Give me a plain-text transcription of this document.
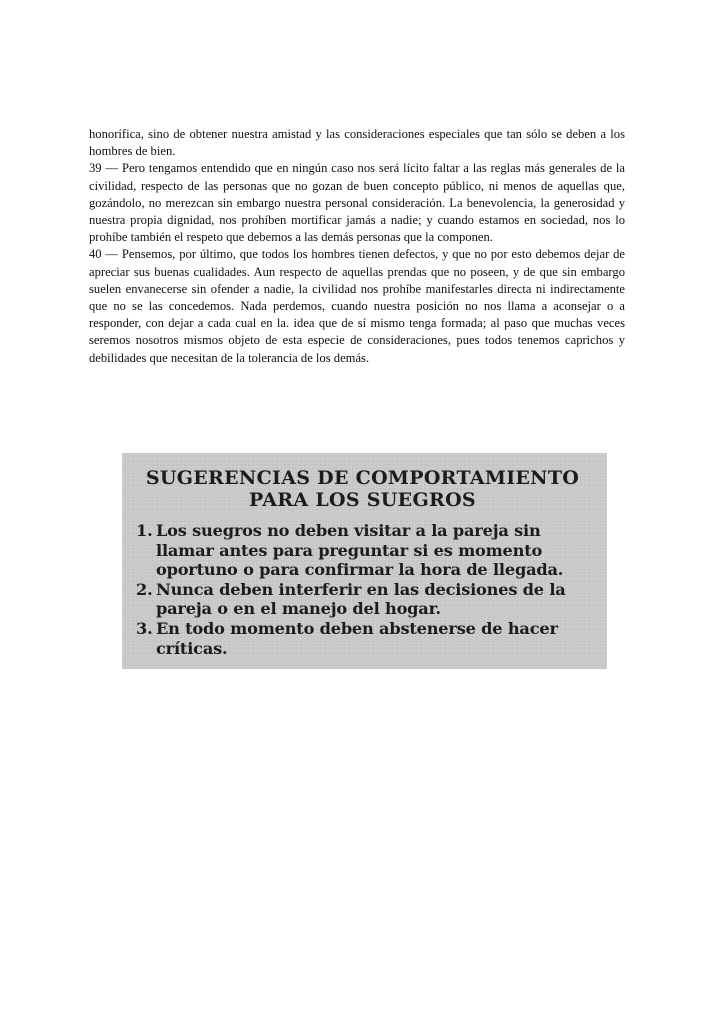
honorífica, sino de obtener nuestra amistad y las consideraciones especiales que tan sólo se deben a los hombres de bien.

39 — Pero tengamos entendido que en ningún caso nos será lícito faltar a las reglas más generales de la civilidad, respecto de las personas que no gozan de buen concepto público, ni menos de aquellas que, gozándolo, no merezcan sin embargo nuestra personal consideración. La benevolencia, la generosidad y nuestra propia dignidad, nos prohíben mortificar jamás a nadie; y cuando estamos en sociedad, nos lo prohíbe también el respeto que debemos a las demás personas que la componen.

40 — Pensemos, por último, que todos los hombres tienen defectos, y que no por esto debemos dejar de apreciar sus buenas cualidades. Aun respecto de aquellas prendas que no poseen, y de que sin embargo suelen envanecerse sin ofender a nadie, la civilidad nos prohíbe manifestarles directa ni indirectamente que no se las concedemos. Nada perdemos, cuando nuestra posición no nos llama a aconsejar o a responder, con dejar a cada cual en la. idea que de sí mismo tenga formada; al paso que muchas veces seremos nosotros mismos objeto de esta especie de consideraciones, pues todos tenemos caprichos y debilidades que necesitan de la tolerancia de los demás.

SUGERENCIAS DE COMPORTAMIENTO PARA LOS SUEGROS
1. Los suegros no deben visitar a la pareja sin llamar antes para preguntar si es momento oportuno o para confirmar la hora de llegada.
2. Nunca deben interferir en las decisiones de la pareja o en el manejo del hogar.
3. En todo momento deben abstenerse de hacer críticas.
